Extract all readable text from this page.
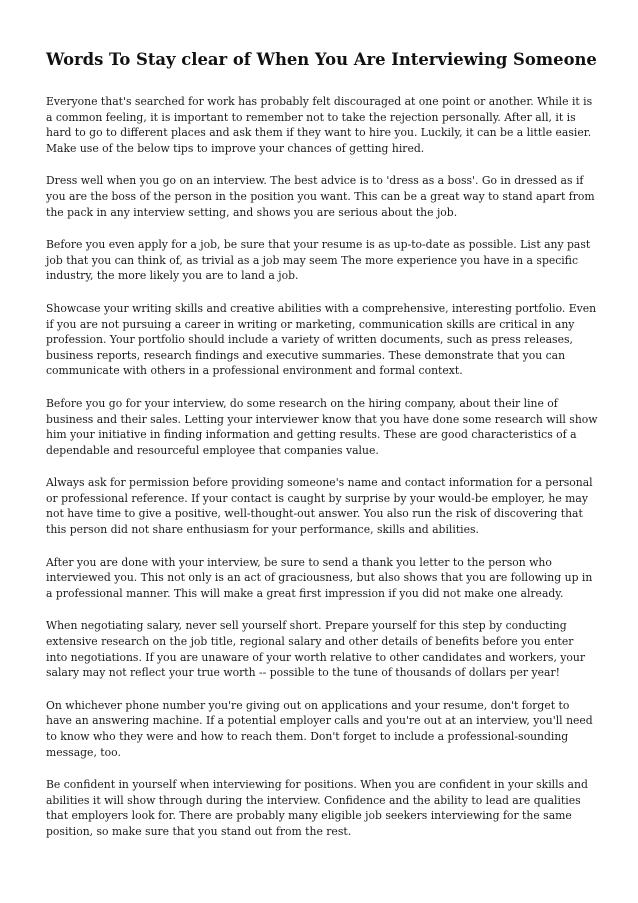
Words To Stay clear of When You Are Interviewing Someone

Everyone that's searched for work has probably felt discouraged at one point or another. While it is a common feeling, it is important to remember not to take the rejection personally. After all, it is hard to go to different places and ask them if they want to hire you. Luckily, it can be a little easier. Make use of the below tips to improve your chances of getting hired.

Dress well when you go on an interview. The best advice is to 'dress as a boss'. Go in dressed as if you are the boss of the person in the position you want. This can be a great way to stand apart from the pack in any interview setting, and shows you are serious about the job.

Before you even apply for a job, be sure that your resume is as up-to-date as possible. List any past job that you can think of, as trivial as a job may seem The more experience you have in a specific industry, the more likely you are to land a job.

Showcase your writing skills and creative abilities with a comprehensive, interesting portfolio. Even if you are not pursuing a career in writing or marketing, communication skills are critical in any profession. Your portfolio should include a variety of written documents, such as press releases, business reports, research findings and executive summaries. These demonstrate that you can communicate with others in a professional environment and formal context.

Before you go for your interview, do some research on the hiring company, about their line of business and their sales. Letting your interviewer know that you have done some research will show him your initiative in finding information and getting results. These are good characteristics of a dependable and resourceful employee that companies value.

Always ask for permission before providing someone's name and contact information for a personal or professional reference. If your contact is caught by surprise by your would-be employer, he may not have time to give a positive, well-thought-out answer. You also run the risk of discovering that this person did not share enthusiasm for your performance, skills and abilities.

After you are done with your interview, be sure to send a thank you letter to the person who interviewed you. This not only is an act of graciousness, but also shows that you are following up in a professional manner. This will make a great first impression if you did not make one already.

When negotiating salary, never sell yourself short. Prepare yourself for this step by conducting extensive research on the job title, regional salary and other details of benefits before you enter into negotiations. If you are unaware of your worth relative to other candidates and workers, your salary may not reflect your true worth -- possible to the tune of thousands of dollars per year!

On whichever phone number you're giving out on applications and your resume, don't forget to have an answering machine. If a potential employer calls and you're out at an interview, you'll need to know who they were and how to reach them. Don't forget to include a professional-sounding message, too.

Be confident in yourself when interviewing for positions. When you are confident in your skills and abilities it will show through during the interview. Confidence and the ability to lead are qualities that employers look for. There are probably many eligible job seekers interviewing for the same position, so make sure that you stand out from the rest.
